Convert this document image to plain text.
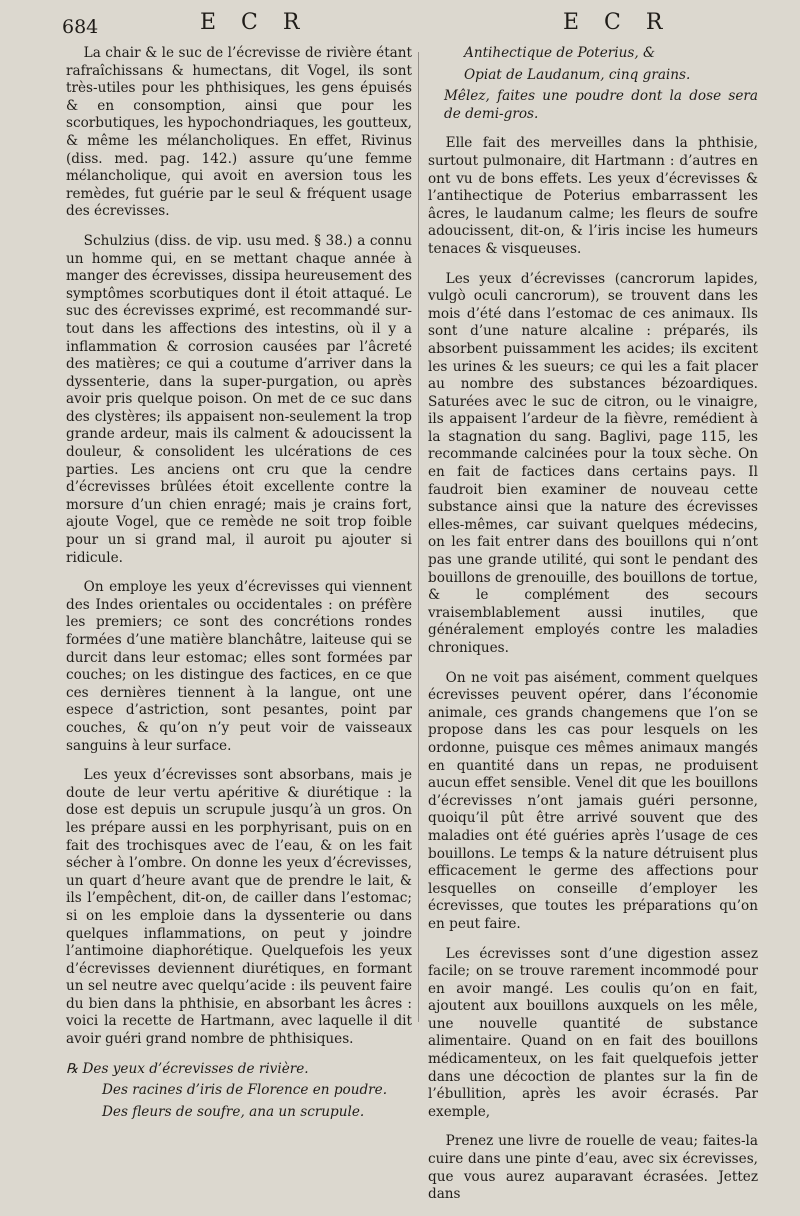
684	E C R	E C R

La chair & le suc de l’écrevisse de rivière étant rafraîchissans & humectans, dit Vogel, ils sont très-utiles pour les phthisiques, les gens épuisés & en consomption, ainsi que pour les scorbutiques, les hypochondriaques, les goutteux, & même les mélancholiques. En effet, Rivinus (diss. med. pag. 142.) assure qu’une femme mélancholique, qui avoit en aversion tous les remèdes, fut guérie par le seul & fréquent usage des écrevisses.

Schulzius (diss. de vip. usu med. § 38.) a connu un homme qui, en se mettant chaque année à manger des écrevisses, dissipa heureusement des symptômes scorbutiques dont il étoit attaqué. Le suc des écrevisses exprimé, est recommandé sur-tout dans les affections des intestins, où il y a inflammation & corrosion causées par l’âcreté des matières; ce qui a coutume d’arriver dans la dyssenterie, dans la super-purgation, ou après avoir pris quelque poison. On met de ce suc dans des clystères; ils appaisent non-seulement la trop grande ardeur, mais ils calment & adoucissent la douleur, & consolident les ulcérations de ces parties. Les anciens ont cru que la cendre d’écrevisses brûlées étoit excellente contre la morsure d’un chien enragé; mais je crains fort, ajoute Vogel, que ce remède ne soit trop foible pour un si grand mal, il auroit pu ajouter si ridicule.

On employe les yeux d’écrevisses qui viennent des Indes orientales ou occidentales : on préfère les premiers; ce sont des concrétions rondes formées d’une matière blanchâtre, laiteuse qui se durcit dans leur estomac; elles sont formées par couches; on les distingue des factices, en ce que ces dernières tiennent à la langue, ont une espece d’astriction, sont pesantes, point par couches, & qu’on n’y peut voir de vaisseaux sanguins à leur surface.

Les yeux d’écrevisses sont absorbans, mais je doute de leur vertu apéritive & diurétique : la dose est depuis un scrupule jusqu’à un gros. On les prépare aussi en les porphyrisant, puis on en fait des trochisques avec de l’eau, & on les fait sécher à l’ombre. On donne les yeux d’écrevisses, un quart d’heure avant que de prendre le lait, & ils l’empêchent, dit-on, de cailler dans l’estomac; si on les emploie dans la dyssenterie ou dans quelques inflammations, on peut y joindre l’antimoine diaphorétique. Quelquefois les yeux d’écrevisses deviennent diurétiques, en formant un sel neutre avec quelqu’acide : ils peuvent faire du bien dans la phthisie, en absorbant les âcres : voici la recette de Hartmann, avec laquelle il dit avoir guéri grand nombre de phthisiques.

℞ Des yeux d’écrevisses de rivière.

Des racines d’iris de Florence en poudre.

Des fleurs de soufre, ana un scrupule.

Antihectique de Poterius, &

Opiat de Laudanum, cinq grains.

Mêlez, faites une poudre dont la dose sera de demi-gros.

Elle fait des merveilles dans la phthisie, surtout pulmonaire, dit Hartmann : d’autres en ont vu de bons effets. Les yeux d’écrevisses & l’antihectique de Poterius embarrassent les âcres, le laudanum calme; les fleurs de soufre adoucissent, dit-on, & l’iris incise les humeurs tenaces & visqueuses.

Les yeux d’écrevisses (cancrorum lapides, vulgò oculi cancrorum), se trouvent dans les mois d’été dans l’estomac de ces animaux. Ils sont d’une nature alcaline : préparés, ils absorbent puissamment les acides; ils excitent les urines & les sueurs; ce qui les a fait placer au nombre des substances bézoardiques. Saturées avec le suc de citron, ou le vinaigre, ils appaisent l’ardeur de la fièvre, remédient à la stagnation du sang. Baglivi, page 115, les recommande calcinées pour la toux sèche. On en fait de factices dans certains pays. Il faudroit bien examiner de nouveau cette substance ainsi que la nature des écrevisses elles-mêmes, car suivant quelques médecins, on les fait entrer dans des bouillons qui n’ont pas une grande utilité, qui sont le pendant des bouillons de grenouille, des bouillons de tortue, & le complément des secours vraisemblablement aussi inutiles, que généralement employés contre les maladies chroniques.

On ne voit pas aisément, comment quelques écrevisses peuvent opérer, dans l’économie animale, ces grands changemens que l’on se propose dans les cas pour lesquels on les ordonne, puisque ces mêmes animaux mangés en quantité dans un repas, ne produisent aucun effet sensible. Venel dit que les bouillons d’écrevisses n’ont jamais guéri personne, quoiqu’il pût être arrivé souvent que des maladies ont été guéries après l’usage de ces bouillons. Le temps & la nature détruisent plus efficacement le germe des affections pour lesquelles on conseille d’employer les écrevisses, que toutes les préparations qu’on en peut faire.

Les écrevisses sont d’une digestion assez facile; on se trouve rarement incommodé pour en avoir mangé. Les coulis qu’on en fait, ajoutent aux bouillons auxquels on les mêle, une nouvelle quantité de substance alimentaire. Quand on en fait des bouillons médicamenteux, on les fait quelquefois jetter dans une décoction de plantes sur la fin de l’ébullition, après les avoir écrasés. Par exemple,

Prenez une livre de rouelle de veau; faites-la cuire dans une pinte d’eau, avec six écrevisses, que vous aurez auparavant écrasées. Jettez dans
